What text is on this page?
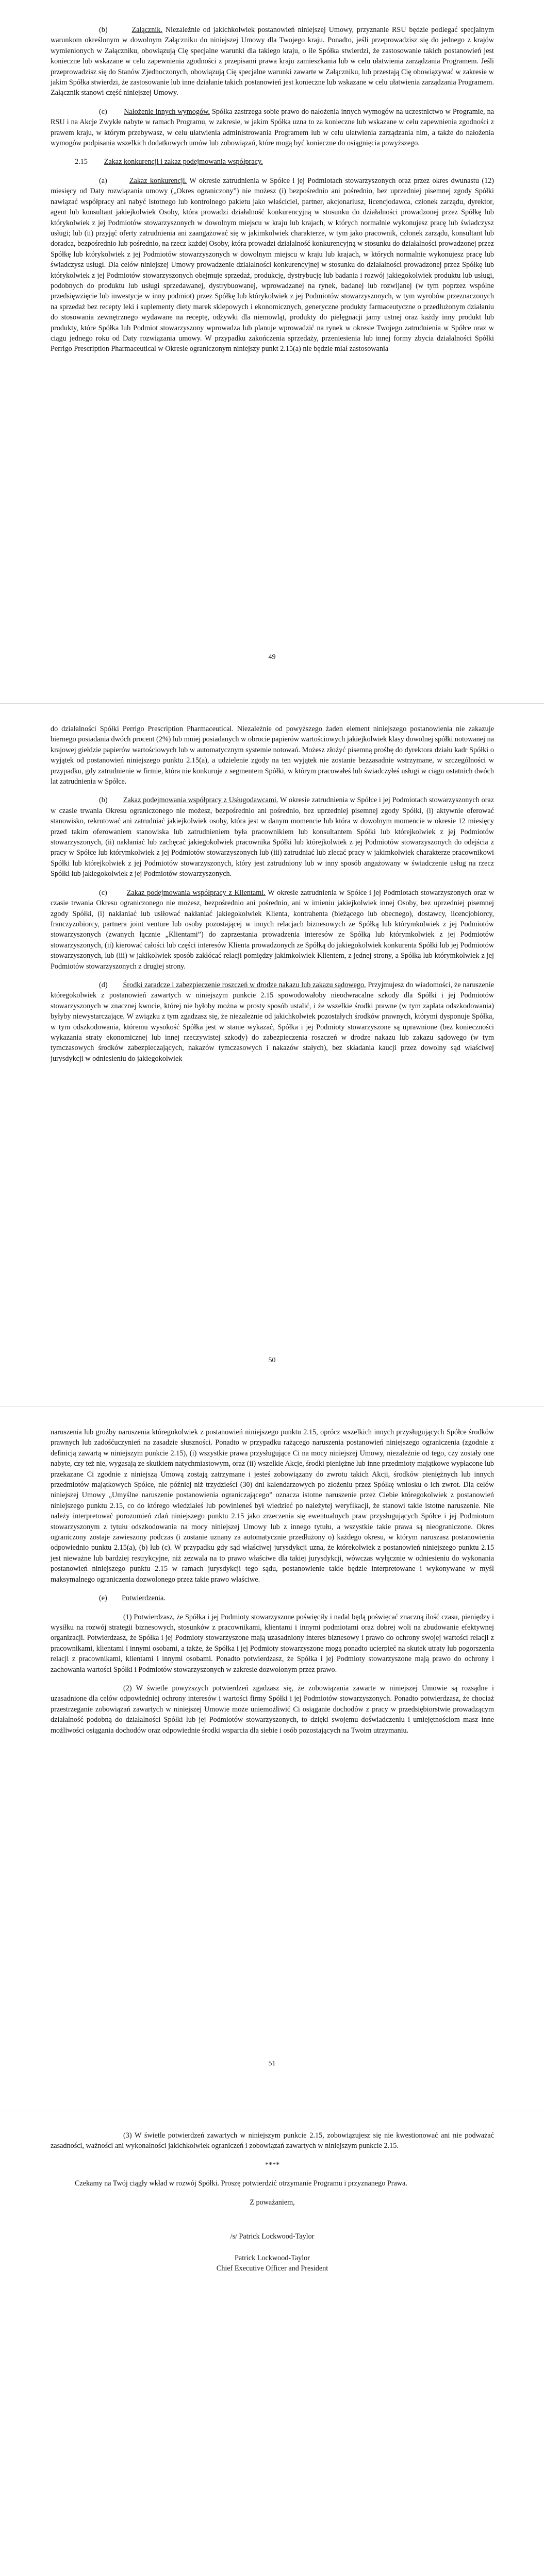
(b)	Załącznik. Niezależnie od jakichkolwiek postanowień niniejszej Umowy, przyznanie RSU będzie podlegać specjalnym warunkom określonym w dowolnym Załączniku do niniejszej Umowy dla Twojego kraju. Ponadto, jeśli przeprowadzisz się do jednego z krajów wymienionych w Załączniku, obowiązują Cię specjalne warunki dla takiego kraju, o ile Spółka stwierdzi, że zastosowanie takich postanowień jest konieczne lub wskazane w celu zapewnienia zgodności z przepisami prawa kraju zamieszkania lub w celu ułatwienia zarządzania Programem. Jeśli przeprowadzisz się do Stanów Zjednoczonych, obowiązują Cię specjalne warunki zawarte w Załączniku, lub przestają Cię obowiązywać w zakresie w jakim Spółka stwierdzi, że zastosowanie lub inne działanie takich postanowień jest konieczne lub wskazane w celu ułatwienia zarządzania Programem. Załącznik stanowi część niniejszej Umowy.

(c) Nałożenie innych wymogów. Spółka zastrzega sobie prawo do nałożenia innych wymogów na uczestnictwo w Programie, na RSU i na Akcje Zwykłe nabyte w ramach Programu, w zakresie, w jakim Spółka uzna to za konieczne lub wskazane w celu zapewnienia zgodności z prawem kraju, w którym przebywasz, w celu ułatwienia administrowania Programem lub w celu ułatwienia zarządzania nim, a także do nałożenia wymogów podpisania wszelkich dodatkowych umów lub zobowiązań, które mogą być konieczne do osiągnięcia powyższego.

2.15 Zakaz konkurencji i zakaz podejmowania współpracy.

(a)	Zakaz konkurencji. W okresie zatrudnienia w Spółce i jej Podmiotach stowarzyszonych oraz przez okres dwunastu (12) miesięcy od Daty rozwiązania umowy („Okres ograniczony”) nie możesz (i) bezpośrednio ani pośrednio, bez uprzedniej pisemnej zgody Spółki nawiązać współpracy ani nabyć istotnego lub kontrolnego pakietu jako właściciel, partner, akcjonariusz, licencjodawca, członek zarządu, dyrektor, agent lub konsultant jakiejkolwiek Osoby, która prowadzi działalność konkurencyjną w stosunku do działalności prowadzonej przez Spółkę lub którykolwiek z jej Podmiotów stowarzyszonych w dowolnym miejscu w kraju lub krajach, w których normalnie wykonujesz pracę lub świadczysz usługi; lub (ii) przyjąć oferty zatrudnienia ani zaangażować się w jakimkolwiek charakterze, w tym jako pracownik, członek zarządu, konsultant lub doradca, bezpośrednio lub pośrednio, na rzecz każdej Osoby, która prowadzi działalność konkurencyjną w stosunku do działalności prowadzonej przez Spółkę lub którykolwiek z jej Podmiotów stowarzyszonych w dowolnym miejscu w kraju lub krajach, w których normalnie wykonujesz pracę lub świadczysz usługi. Dla celów niniejszej Umowy prowadzenie działalności konkurencyjnej w stosunku do działalności prowadzonej przez Spółkę lub którykolwiek z jej Podmiotów stowarzyszonych obejmuje sprzedaż, produkcję, dystrybucję lub badania i rozwój jakiegokolwiek produktu lub usługi, podobnych do produktu lub usługi sprzedawanej, dystrybuowanej, wprowadzanej na rynek, badanej lub rozwijanej (w tym poprzez wspólne przedsięwzięcie lub inwestycje w inny podmiot) przez Spółkę lub którykolwiek z jej Podmiotów stowarzyszonych, w tym wyrobów przeznaczonych na sprzedaż bez recepty leki i suplementy diety marek sklepowych i ekonomicznych, generyczne produkty farmaceutyczne o przedłużonym działaniu do stosowania zewnętrznego wydawane na receptę, odżywki dla niemowląt, produkty do pielęgnacji jamy ustnej oraz każdy inny produkt lub produkty, które Spółka lub Podmiot stowarzyszony wprowadza lub planuje wprowadzić na rynek w okresie Twojego zatrudnienia w Spółce oraz w ciągu jednego roku od Daty rozwiązania umowy. W przypadku zakończenia sprzedaży, przeniesienia lub innej formy zbycia działalności Spółki Perrigo Prescription Pharmaceutical w Okresie ograniczonym niniejszy punkt 2.15(a) nie będzie miał zastosowania

49

do działalności Spółki Perrigo Prescription Pharmaceutical. Niezależnie od powyższego żaden element niniejszego postanowienia nie zakazuje biernego posiadania dwóch procent (2%) lub mniej posiadanych w obrocie papierów wartościowych jakiejkolwiek klasy dowolnej spółki notowanej na krajowej giełdzie papierów wartościowych lub w automatycznym systemie notowań. Możesz złożyć pisemną prośbę do dyrektora działu kadr Spółki o wyjątek od postanowień niniejszego punktu 2.15(a), a udzielenie zgody na ten wyjątek nie zostanie bezzasadnie wstrzymane, w szczególności w przypadku, gdy zatrudnienie w firmie, która nie konkuruje z segmentem Spółki, w którym pracowałeś lub świadczyłeś usługi w ciągu ostatnich dwóch lat zatrudnienia w Spółce.

(b) Zakaz podejmowania współpracy z Usługodawcami. W okresie zatrudnienia w Spółce i jej Podmiotach stowarzyszonych oraz w czasie trwania Okresu ograniczonego nie możesz, bezpośrednio ani pośrednio, bez uprzedniej pisemnej zgody Spółki, (i) aktywnie oferować stanowisko, rekrutować ani zatrudniać jakiejkolwiek osoby, która jest w danym momencie lub która w dowolnym momencie w okresie 12 miesięcy przed takim oferowaniem stanowiska lub zatrudnieniem była pracownikiem lub konsultantem Spółki lub którejkolwiek z jej Podmiotów stowarzyszonych, (ii) nakłaniać lub zachęcać jakiegokolwiek pracownika Spółki lub którejkolwiek z jej Podmiotów stowarzyszonych do odejścia z pracy w Spółce lub którymkolwiek z jej Podmiotów stowarzyszonych lub (iii) zatrudniać lub zlecać pracy w jakimkolwiek charakterze pracownikowi Spółki lub którejkolwiek z jej Podmiotów stowarzyszonych, który jest zatrudniony lub w inny sposób angażowany w świadczenie usług na rzecz Spółki lub jakiegokolwiek z jej Podmiotów stowarzyszonych.

(c)	Zakaz podejmowania współpracy z Klientami. W okresie zatrudnienia w Spółce i jej Podmiotach stowarzyszonych oraz w czasie trwania Okresu ograniczonego nie możesz, bezpośrednio ani pośrednio, ani w imieniu jakiejkolwiek innej Osoby, bez uprzedniej pisemnej zgody Spółki, (i) nakłaniać lub usiłować nakłaniać jakiegokolwiek Klienta, kontrahenta (bieżącego lub obecnego), dostawcy, licencjobiorcy, franczyzobiorcy, partnera joint venture lub osoby pozostającej w innych relacjach biznesowych ze Spółką lub którymkolwiek z jej Podmiotów stowarzyszonych (zwanych łącznie „Klientami”) do zaprzestania prowadzenia interesów ze Spółką lub którymkolwiek z jej Podmiotów stowarzyszonych, (ii) kierować całości lub części interesów Klienta prowadzonych ze Spółką do jakiegokolwiek konkurenta Spółki lub jej Podmiotów stowarzyszonych, lub (iii) w jakikolwiek sposób zakłócać relacji pomiędzy jakimkolwiek Klientem, z jednej strony, a Spółką lub którymkolwiek z jej Podmiotów stowarzyszonych z drugiej strony.

(d) Środki zaradcze i zabezpieczenie roszczeń w drodze nakazu lub zakazu sądowego. Przyjmujesz do wiadomości, że naruszenie któregokolwiek z postanowień zawartych w niniejszym punkcie 2.15 spowodowałoby nieodwracalne szkody dla Spółki i jej Podmiotów stowarzyszonych w znacznej kwocie, której nie byłoby można w prosty sposób ustalić, i że wszelkie środki prawne (w tym zapłata odszkodowania) byłyby niewystarczające. W związku z tym zgadzasz się, że niezależnie od jakichkolwiek pozostałych środków prawnych, którymi dysponuje Spółka, w tym odszkodowania, któremu wysokość Spółka jest w stanie wykazać, Spółka i jej Podmioty stowarzyszone są uprawnione (bez konieczności wykazania straty ekonomicznej lub innej rzeczywistej szkody) do zabezpieczenia roszczeń w drodze nakazu lub zakazu sądowego (w tym tymczasowych środków zabezpieczających, nakazów tymczasowych i nakazów stałych), bez składania kaucji przez dowolny sąd właściwej jurysdykcji w odniesieniu do jakiegokolwiek

50

naruszenia lub groźby naruszenia któregokolwiek z postanowień niniejszego punktu 2.15, oprócz wszelkich innych przysługujących Spółce środków prawnych lub zadośćuczynień na zasadzie słuszności. Ponadto w przypadku rażącego naruszenia postanowień niniejszego ograniczenia (zgodnie z definicją zawartą w niniejszym punkcie 2.15), (i) wszystkie prawa przysługujące Ci na mocy niniejszej Umowy, niezależnie od tego, czy zostały one nabyte, czy też nie, wygasają ze skutkiem natychmiastowym, oraz (ii) wszelkie Akcje, środki pieniężne lub inne przedmioty majątkowe wypłacone lub przekazane Ci zgodnie z niniejszą Umową zostają zatrzymane i jesteś zobowiązany do zwrotu takich Akcji, środków pieniężnych lub innych przedmiotów majątkowych Spółce, nie później niż trzydzieści (30) dni kalendarzowych po złożeniu przez Spółkę wniosku o ich zwrot. Dla celów niniejszej Umowy „Umyślne naruszenie postanowienia ograniczającego” oznacza istotne naruszenie przez Ciebie któregokolwiek z postanowień niniejszego punktu 2.15, co do którego wiedziałeś lub powinieneś był wiedzieć po należytej weryfikacji, że stanowi takie istotne naruszenie. Nie należy interpretować porozumień zdań niniejszego punktu 2.15 jako zrzeczenia się ewentualnych praw przysługujących Spółce i jej Podmiotom stowarzyszonym z tytułu odszkodowania na mocy niniejszej Umowy lub z innego tytułu, a wszystkie takie prawa są nieograniczone. Okres ograniczony zostaje zawieszony podczas (i zostanie uznany za automatycznie przedłużony o) każdego okresu, w którym naruszasz postanowienia odpowiednio punktu 2.15(a), (b) lub (c). W przypadku gdy sąd właściwej jurysdykcji uzna, że którekolwiek z postanowień niniejszego punktu 2.15 jest nieważne lub bardziej restrykcyjne, niż zezwala na to prawo właściwe dla takiej jurysdykcji, wówczas wyłącznie w odniesieniu do wykonania postanowień niniejszego punktu 2.15 w ramach jurysdykcji tego sądu, postanowienie takie będzie interpretowane i wykonywane w myśl maksymalnego ograniczenia dozwolonego przez takie prawo właściwe.

(e) Potwierdzenia.

(1) Potwierdzasz, że Spółka i jej Podmioty stowarzyszone poświęciły i nadal będą poświęcać znaczną ilość czasu, pieniędzy i wysiłku na rozwój strategii biznesowych, stosunków z pracownikami, klientami i innymi podmiotami oraz dobrej woli na zbudowanie efektywnej organizacji. Potwierdzasz, że Spółka i jej Podmioty stowarzyszone mają uzasadniony interes biznesowy i prawo do ochrony swojej wartości relacji z pracownikami, klientami i innymi osobami, a także, że Spółka i jej Podmioty stowarzyszone mogą ponadto ucierpieć na skutek utraty lub pogorszenia relacji z pracownikami, klientami i innymi osobami. Ponadto potwierdzasz, że Spółka i jej Podmioty stowarzyszone mają prawo do ochrony i zachowania wartości Spółki i Podmiotów stowarzyszonych w zakresie dozwolonym przez prawo.

(2) W świetle powyższych potwierdzeń zgadzasz się, że zobowiązania zawarte w niniejszej Umowie są rozsądne i uzasadnione dla celów odpowiedniej ochrony interesów i wartości firmy Spółki i jej Podmiotów stowarzyszonych. Ponadto potwierdzasz, że chociaż przestrzeganie zobowiązań zawartych w niniejszej Umowie może uniemożliwić Ci osiąganie dochodów z pracy w przedsiębiorstwie prowadzącym działalność podobną do działalności Spółki lub jej Podmiotów stowarzyszonych, to dzięki swojemu doświadczeniu i umiejętnościom masz inne możliwości osiągania dochodów oraz odpowiednie środki wsparcia dla siebie i osób pozostających na Twoim utrzymaniu.

51

(3) W świetle potwierdzeń zawartych w niniejszym punkcie 2.15, zobowiązujesz się nie kwestionować ani nie podważać zasadności, ważności ani wykonalności jakichkolwiek ograniczeń i zobowiązań zawartych w niniejszym punkcie 2.15.

****

Czekamy na Twój ciągły wkład w rozwój Spółki. Proszę potwierdzić otrzymanie Programu i przyznanego Prawa.

Z poważaniem,

/s/ Patrick Lockwood-Taylor

Patrick Lockwood-Taylor

Chief Executive Officer and President
